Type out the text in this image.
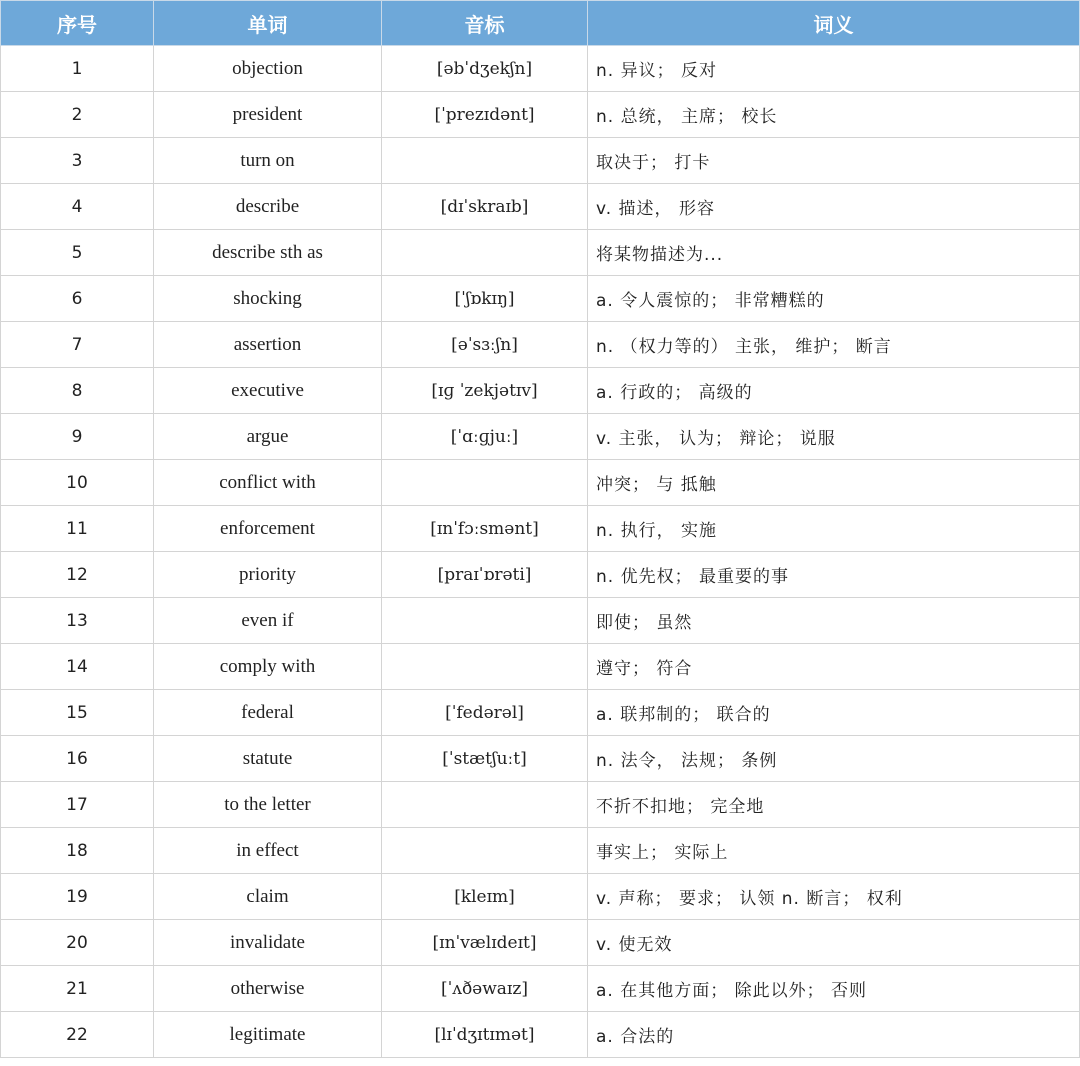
序号	单词	音标	词义
1	objection	[əbˈdʒekʃn]	n. 异议； 反对
2	president	[ˈprezɪdənt]	n. 总统， 主席； 校长
3	turn on		取决于； 打卡
4	describe	[dɪˈskraɪb]	v. 描述， 形容
5	describe sth as		将某物描述为...
6	shocking	[ˈʃɒkɪŋ]	a. 令人震惊的； 非常糟糕的
7	assertion	[əˈsɜːʃn]	n. （权力等的） 主张， 维护； 断言
8	executive	[ɪɡ ˈzekjətɪv]	a. 行政的； 高级的
9	argue	[ˈɑːɡjuː]	v. 主张， 认为； 辩论； 说服
10	conflict with		冲突； 与 抵触
11	enforcement	[ɪnˈfɔːsmənt]	n. 执行， 实施
12	priority	[praɪˈɒrəti]	n. 优先权； 最重要的事
13	even if		即使； 虽然
14	comply with		遵守； 符合
15	federal	[ˈfedərəl]	a. 联邦制的； 联合的
16	statute	[ˈstætʃuːt]	n. 法令， 法规； 条例
17	to the letter		不折不扣地； 完全地
18	in effect		事实上； 实际上
19	claim	[kleɪm]	v. 声称； 要求； 认领 n. 断言； 权利
20	invalidate	[ɪnˈvælɪdeɪt]	v. 使无效
21	otherwise	[ˈʌðəwaɪz]	a. 在其他方面； 除此以外； 否则
22	legitimate	[lɪˈdʒɪtɪmət]	a. 合法的
